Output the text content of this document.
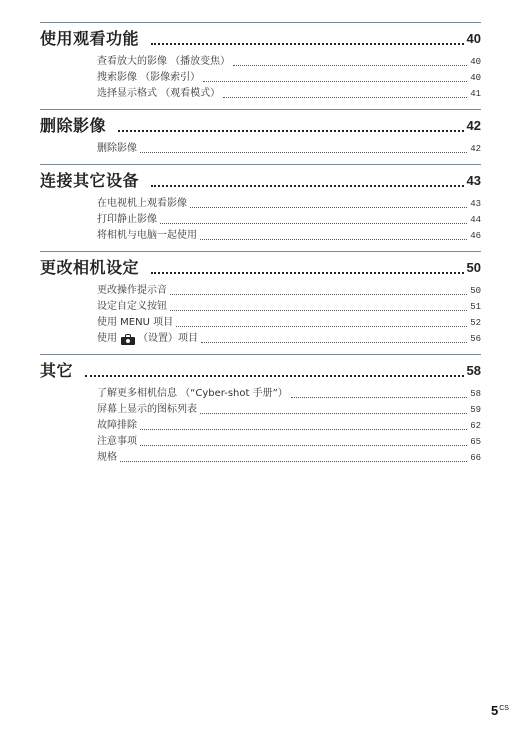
使用观看功能	40
查看放大的影像 （播放变焦）	40
搜索影像 （影像索引）	40
选择显示格式 （观看模式）	41
删除影像	42
删除影像	42
连接其它设备	43
在电视机上观看影像	43
打印静止影像	44
将相机与电脑一起使用	46
更改相机设定	50
更改操作提示音	50
设定自定义按钮	51
使用 MENU 项目	52
使用 （设置）项目	56
其它	58
了解更多相机信息 （“Cyber-shot 手册”）	58
屏幕上显示的图标列表	59
故障排除	62
注意事项	65
规格	66
$5^{CS}$
